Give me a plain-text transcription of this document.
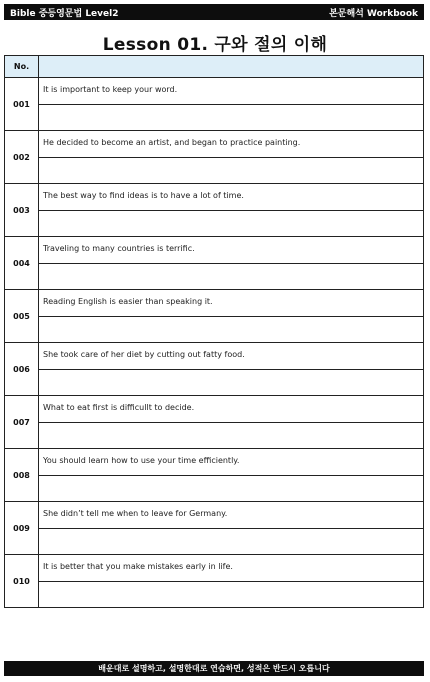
Bible 중등영문법 Level2	본문해석 Workbook
Lesson 01. 구와 절의 이해
No.	
001	It is important to keep your word.

002	He decided to become an artist, and began to practice painting.

003	The best way to find ideas is to have a lot of time.

004	Traveling to many countries is terrific.

005	Reading English is easier than speaking it.

006	She took care of her diet by cutting out fatty food.

007	What to eat first is difficullt to decide.

008	You should learn how to use your time efficiently.

009	She didn’t tell me when to leave for Germany.

010	It is better that you make mistakes early in life.

배운대로 설명하고, 설명한대로 연습하면, 성적은 반드시 오릅니다
